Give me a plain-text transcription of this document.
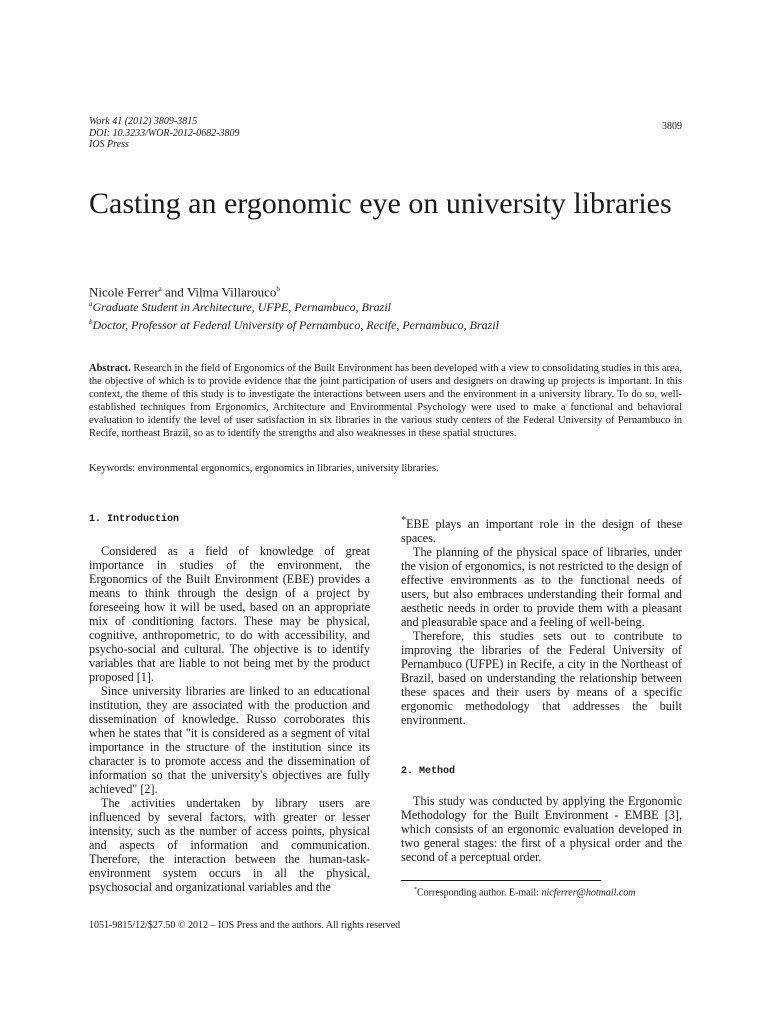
Work 41 (2012) 3809-3815
DOI: 10.3233/WOR-2012-0682-3809
IOS Press
3809
Casting an ergonomic eye on university libraries
Nicole Ferrer$^a$ and Vilma Villarouco$^b$
$^a$Graduate Student in Architecture, UFPE, Pernambuco, Brazil
$^b$Doctor, Professor at Federal University of Pernambuco, Recife, Pernambuco, Brazil
Abstract. Research in the field of Ergonomics of the Built Environment has been developed with a view to consolidating studies in this area, the objective of which is to provide evidence that the joint participation of users and designers on drawing up projects is important. In this context, the theme of this study is to investigate the interactions between users and the environment in a university library. To do so, well-established techniques from Ergonomics, Architecture and Environmental Psychology were used to make a functional and behavioral evaluation to identify the level of user satisfaction in six libraries in the various study centers of the Federal University of Pernambuco in Recife, northeast Brazil, so as to identify the strengths and also weaknesses in these spatial structures.
Keywords: environmental ergonomics, ergonomics in libraries, university libraries.
1. Introduction

Considered as a field of knowledge of great importance in studies of the environment, the Ergonomics of the Built Environment (EBE) provides a means to think through the design of a project by foreseeing how it will be used, based on an appropriate mix of conditioning factors. These may be physical, cognitive, anthropometric, to do with accessibility, and psycho-social and cultural. The objective is to identify variables that are liable to not being met by the product proposed [1].

Since university libraries are linked to an educational institution, they are associated with the production and dissemination of knowledge. Russo corroborates this when he states that "it is considered as a segment of vital importance in the structure of the institution since its character is to promote access and the dissemination of information so that the university's objectives are fully achieved" [2].

The activities undertaken by library users are influenced by several factors, with greater or lesser intensity, such as the number of access points, physical and aspects of information and communication. Therefore, the interaction between the human-task-environment system occurs in all the physical, psychosocial and organizational variables and the

*EBE plays an important role in the design of these spaces.

The planning of the physical space of libraries, under the vision of ergonomics, is not restricted to the design of effective environments as to the functional needs of users, but also embraces understanding their formal and aesthetic needs in order to provide them with a pleasant and pleasurable space and a feeling of well-being.

Therefore, this studies sets out to contribute to improving the libraries of the Federal University of Pernambuco (UFPE) in Recife, a city in the Northeast of Brazil, based on understanding the relationship between these spaces and their users by means of a specific ergonomic methodology that addresses the built environment.

2. Method

This study was conducted by applying the Ergonomic Methodology for the Built Environment - EMBE [3], which consists of an ergonomic evaluation developed in two general stages: the first of a physical order and the second of a perceptual order.

*Corresponding author. E-mail: nicferrer@hotmail.com
1051-9815/12/$27.50 © 2012 – IOS Press and the authors. All rights reserved
